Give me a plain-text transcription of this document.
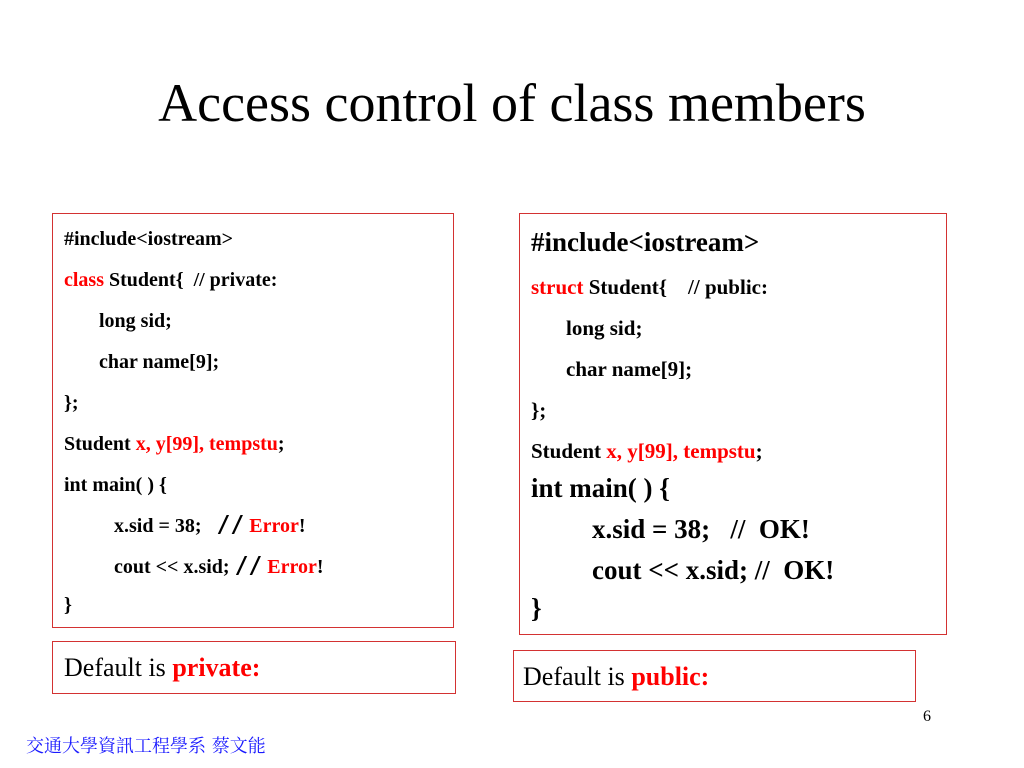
Access control of class members
#include<iostream>
class Student{  // private:
long sid;
char name[9];
};
Student x, y[99], tempstu;
int main( ) {
x.sid = 38;   // Error!
cout << x.sid; // Error!
}
#include<iostream>
struct Student{    // public:
long sid;
char name[9];
};
Student x, y[99], tempstu;
int main( ) {
x.sid = 38;   //  OK!
cout << x.sid; //  OK!
}
Default is private:	Default is public:
6
交通大學資訊工程學系 蔡文能
